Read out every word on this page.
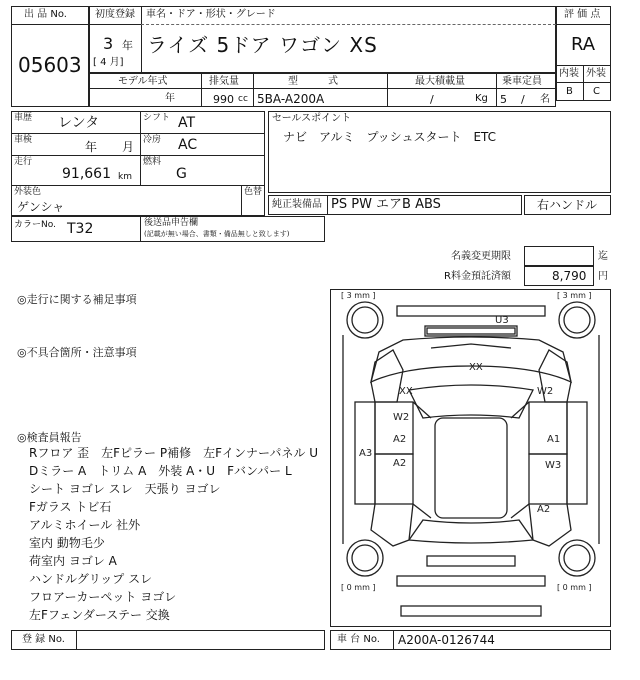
出 品 No.
05603
初度登録 車名・ドア・形状・グレード
3 年
[ 4 月]
ライズ 5ドア ワゴン XS
モデル年式
年
排気量
990 cc
型　　　式
5BA-A200A
最大積載量
/	Kg
乗車定員
5 / 名
評 価 点
RA
内装 外装
B C
車歴 レンタ	シフト AT
車検	年 月 冷房 AC
走行
91,661 km
燃料
G
外装色
ゲンシャ
色替
カラーNo. T32	後送品申告欄
(記載が無い場合、書類・備品無しと致します)
セールスポイント
ナビ　アルミ　プッシュスタート　ETC
純正装備品 PS PW エアB ABS	右ハンドル
名義変更期限	迄
R料金預託済額	8,790 円
◎走行に関する補足事項
◎不具合箇所・注意事項
◎検査員報告
Rフロア 歪　左Fピラー P補修　左Fインナーパネル U
Dミラー A　トリム A　外装 A・U　Fバンパー L
シート ヨゴレ スレ　天張り ヨゴレ
Fガラス トビ石
アルミホイール 社外
室内 動物毛少
荷室内 ヨゴレ A
ハンドルグリップ スレ
フロアーカーペット ヨゴレ
左Fフェンダーステー 交換
[ 3 mm ]	[ 3 mm ]
[ 0 mm ]	[ 0 mm ]
U3
XX
XX	W2
W2
A2
A3
A2
A1
W3
A2
登 録 No.	車 台 No. A200A-0126744
